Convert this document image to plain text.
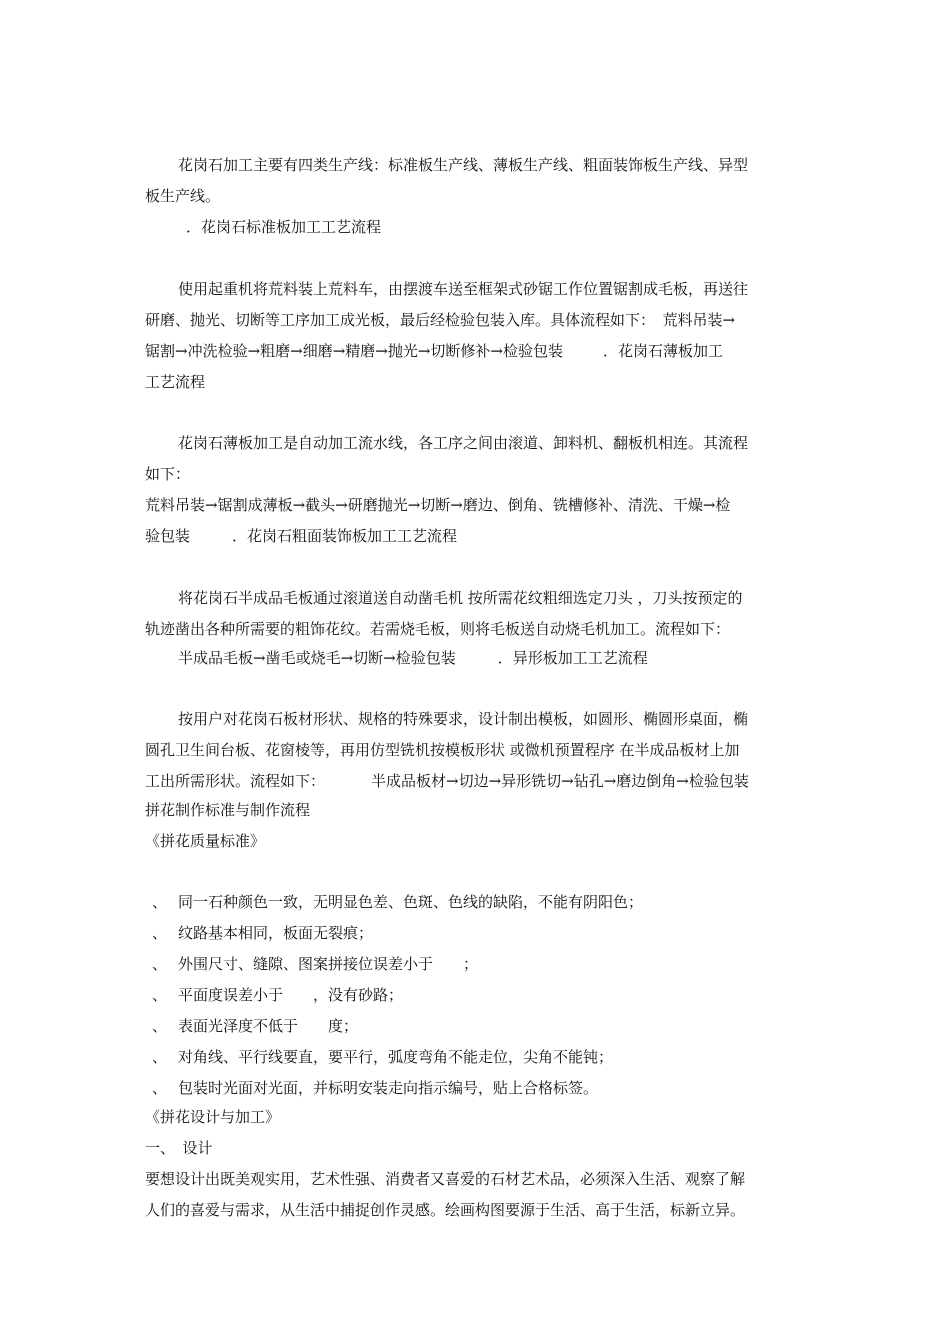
花岗石加工主要有四类生产线：标准板生产线、薄板生产线、粗面装饰板生产线、异型
板生产线。
．花岗石标准板加工工艺流程
使用起重机将荒料装上荒料车，由摆渡车送至框架式砂锯工作位置锯割成毛板，再送往
研磨、抛光、切断等工序加工成光板，最后经检验包装入库。具体流程如下：　荒料吊装→
锯割→冲洗检验→粗磨→细磨→精磨→抛光→切断修补→检验包装	．花岗石薄板加工
工艺流程
花岗石薄板加工是自动加工流水线，各工序之间由滚道、卸料机、翻板机相连。其流程
如下：
荒料吊装→锯割成薄板→截头→研磨抛光→切断→磨边、倒角、铣槽修补、清洗、干燥→检
验包装	．花岗石粗面装饰板加工工艺流程
将花岗石半成品毛板通过滚道送自动凿毛机 按所需花纹粗细选定刀头 ，刀头按预定的
轨迹凿出各种所需要的粗饰花纹。若需烧毛板，则将毛板送自动烧毛机加工。流程如下：
半成品毛板→凿毛或烧毛→切断→检验包装	．异形板加工工艺流程
按用户对花岗石板材形状、规格的特殊要求，设计制出模板，如圆形、椭圆形桌面，椭
圆孔卫生间台板、花窗棱等，再用仿型铣机按模板形状 或微机预置程序 在半成品板材上加
工出所需形状。流程如下：	半成品板材→切边→异形铣切→钻孔→磨边倒角→检验包装
拼花制作标准与制作流程
《拼花质量标准》
、 同一石种颜色一致，无明显色差、色斑、色线的缺陷，不能有阴阳色；
、 纹路基本相同，板面无裂痕；
、 外围尺寸、缝隙、图案拼接位误差小于　　；
、 平面度误差小于　　，没有砂路；
、 表面光泽度不低于　　度；
、 对角线、平行线要直，要平行，弧度弯角不能走位，尖角不能钝；
、 包装时光面对光面，并标明安装走向指示编号，贴上合格标签。
《拼花设计与加工》
一、　设计
要想设计出既美观实用，艺术性强、消费者又喜爱的石材艺术品，必须深入生活、观察了解
人们的喜爱与需求，从生活中捕捉创作灵感。绘画构图要源于生活、高于生活，标新立异。
